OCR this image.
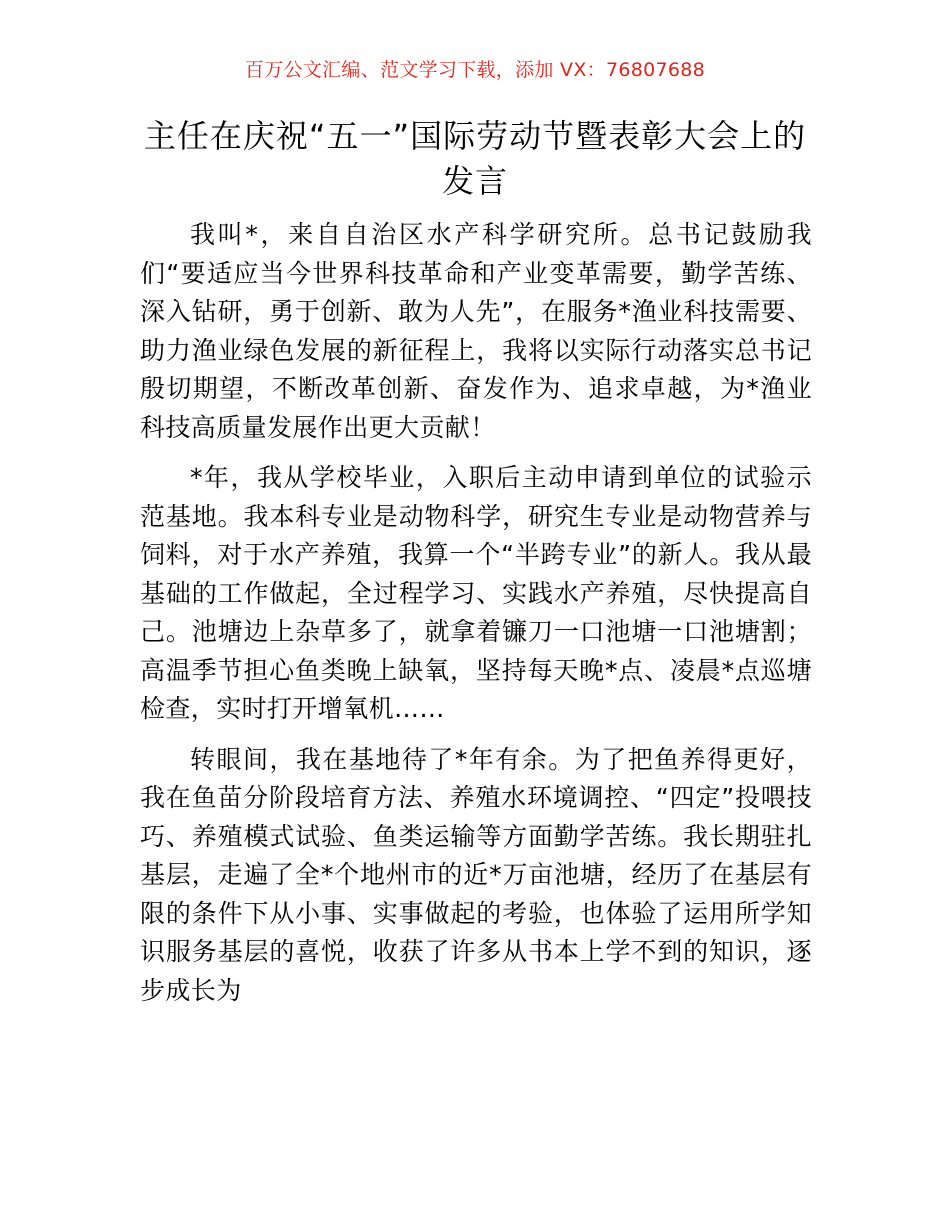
百万公文汇编、范文学习下载，添加 VX：76807688
主任在庆祝“五一”国际劳动节暨表彰大会上的发言

我叫*，来自自治区水产科学研究所。总书记鼓励我们“要适应当今世界科技革命和产业变革需要，勤学苦练、深入钻研，勇于创新、敢为人先”，在服务*渔业科技需要、助力渔业绿色发展的新征程上，我将以实际行动落实总书记殷切期望，不断改革创新、奋发作为、追求卓越，为*渔业科技高质量发展作出更大贡献！

*年，我从学校毕业，入职后主动申请到单位的试验示范基地。我本科专业是动物科学，研究生专业是动物营养与饲料，对于水产养殖，我算一个“半跨专业”的新人。我从最基础的工作做起，全过程学习、实践水产养殖，尽快提高自己。池塘边上杂草多了，就拿着镰刀一口池塘一口池塘割；高温季节担心鱼类晚上缺氧，坚持每天晚*点、凌晨*点巡塘检查，实时打开增氧机……

转眼间，我在基地待了*年有余。为了把鱼养得更好，我在鱼苗分阶段培育方法、养殖水环境调控、“四定”投喂技巧、养殖模式试验、鱼类运输等方面勤学苦练。我长期驻扎基层，走遍了全*个地州市的近*万亩池塘，经历了在基层有限的条件下从小事、实事做起的考验，也体验了运用所学知识服务基层的喜悦，收获了许多从书本上学不到的知识，逐步成长为
